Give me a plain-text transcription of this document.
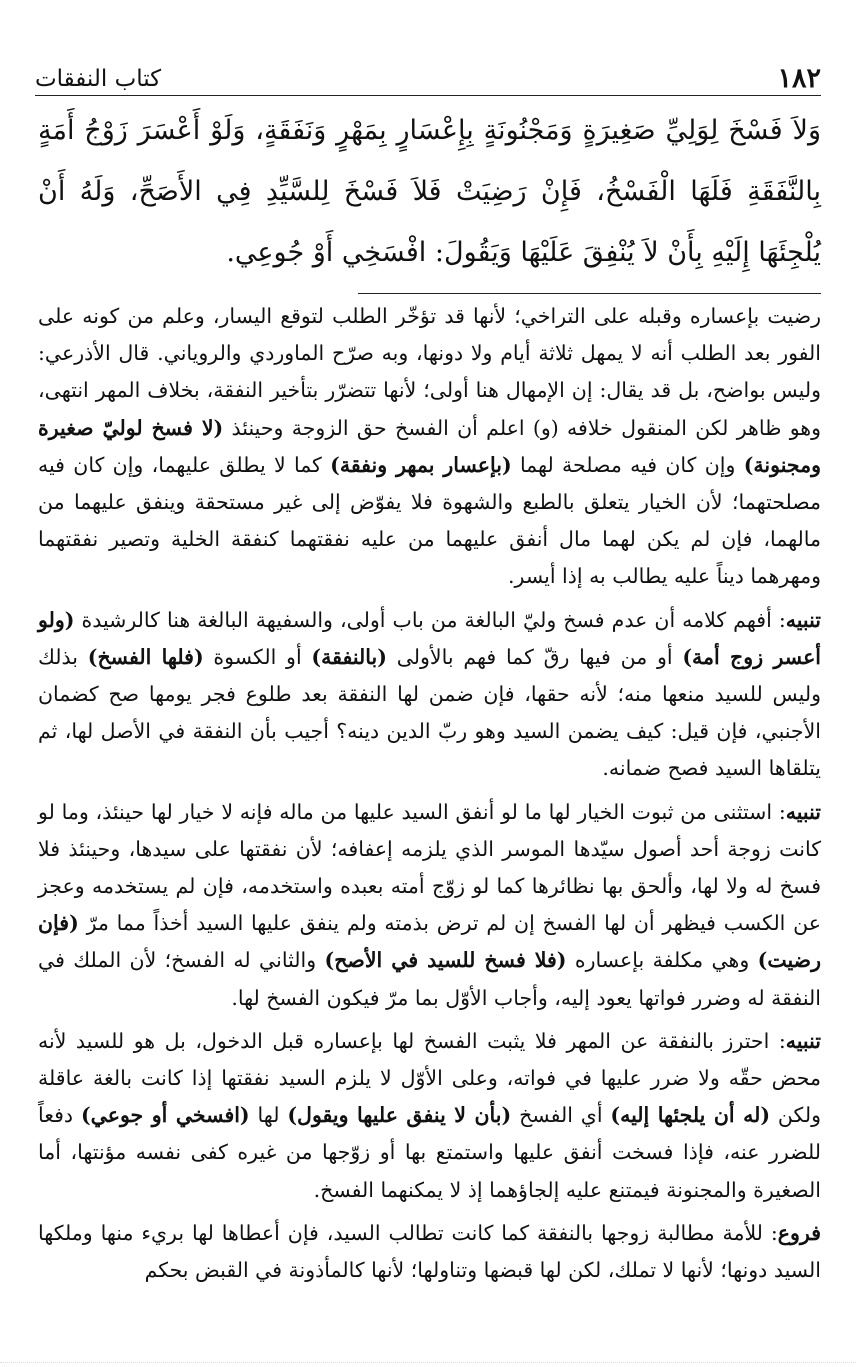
١٨٢
كتاب النفقات

وَلاَ فَسْخَ لِوَلِيِّ صَغِيرَةٍ وَمَجْنُونَةٍ بِإِعْسَارٍ بِمَهْرٍ وَنَفَقَةٍ، وَلَوْ أَعْسَرَ زَوْجُ أَمَةٍ بِالنَّفَقَةِ فَلَهَا الْفَسْخُ، فَإِنْ رَضِيَتْ فَلاَ فَسْخَ لِلسَّيِّدِ فِي الأَصَحِّ، وَلَهُ أَنْ يُلْجِئَهَا إِلَيْهِ بِأَنْ لاَ يُنْفِقَ عَلَيْهَا وَيَقُولَ: افْسَخِي أَوْ جُوعِي.

رضيت بإعساره وقبله على التراخي؛ لأنها قد تؤخّر الطلب لتوقع اليسار، وعلم من كونه على الفور بعد الطلب أنه لا يمهل ثلاثة أيام ولا دونها، وبه صرّح الماوردي والروياني. قال الأذرعي: وليس بواضح، بل قد يقال: إن الإمهال هنا أولى؛ لأنها تتضرّر بتأخير النفقة، بخلاف المهر انتهى، وهو ظاهر لكن المنقول خلافه (و) اعلم أن الفسخ حق الزوجة وحينئذ (لا فسخ لوليّ صغيرة ومجنونة) وإن كان فيه مصلحة لهما (بإعسار بمهر ونفقة) كما لا يطلق عليهما، وإن كان فيه مصلحتهما؛ لأن الخيار يتعلق بالطبع والشهوة فلا يفوّض إلى غير مستحقة وينفق عليهما من مالهما، فإن لم يكن لهما مال أنفق عليهما من عليه نفقتهما كنفقة الخلية وتصير نفقتهما ومهرهما ديناً عليه يطالب به إذا أيسر.

تنبيه: أفهم كلامه أن عدم فسخ وليّ البالغة من باب أولى، والسفيهة البالغة هنا كالرشيدة (ولو أعسر زوج أمة) أو من فيها رقّ كما فهم بالأولى (بالنفقة) أو الكسوة (فلها الفسخ) بذلك وليس للسيد منعها منه؛ لأنه حقها، فإن ضمن لها النفقة بعد طلوع فجر يومها صح كضمان الأجنبي، فإن قيل: كيف يضمن السيد وهو ربّ الدين دينه؟ أجيب بأن النفقة في الأصل لها، ثم يتلقاها السيد فصح ضمانه.

تنبيه: استثنى من ثبوت الخيار لها ما لو أنفق السيد عليها من ماله فإنه لا خيار لها حينئذ، وما لو كانت زوجة أحد أصول سيّدها الموسر الذي يلزمه إعفافه؛ لأن نفقتها على سيدها، وحينئذ فلا فسخ له ولا لها، وألحق بها نظائرها كما لو زوّج أمته بعبده واستخدمه، فإن لم يستخدمه وعجز عن الكسب فيظهر أن لها الفسخ إن لم ترض بذمته ولم ينفق عليها السيد أخذاً مما مرّ (فإن رضيت) وهي مكلفة بإعساره (فلا فسخ للسيد في الأصح) والثاني له الفسخ؛ لأن الملك في النفقة له وضرر فواتها يعود إليه، وأجاب الأوّل بما مرّ فيكون الفسخ لها.

تنبيه: احترز بالنفقة عن المهر فلا يثبت الفسخ لها بإعساره قبل الدخول، بل هو للسيد لأنه محض حقّه ولا ضرر عليها في فواته، وعلى الأوّل لا يلزم السيد نفقتها إذا كانت بالغة عاقلة ولكن (له أن يلجئها إليه) أي الفسخ (بأن لا ينفق عليها ويقول) لها (افسخي أو جوعي) دفعاً للضرر عنه، فإذا فسخت أنفق عليها واستمتع بها أو زوّجها من غيره كفى نفسه مؤنتها، أما الصغيرة والمجنونة فيمتنع عليه إلجاؤهما إذ لا يمكنهما الفسخ.

فروع: للأمة مطالبة زوجها بالنفقة كما كانت تطالب السيد، فإن أعطاها لها بريء منها وملكها السيد دونها؛ لأنها لا تملك، لكن لها قبضها وتناولها؛ لأنها كالمأذونة في القبض بحكم
